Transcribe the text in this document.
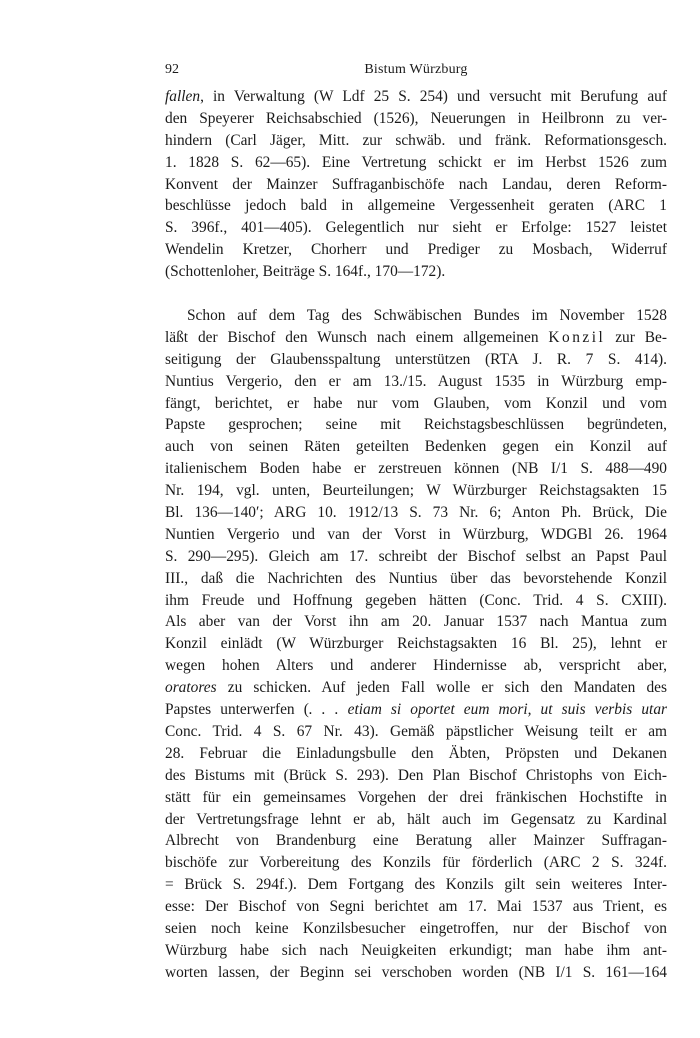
92	Bistum Würzburg
fallen, in Verwaltung (W Ldf 25 S. 254) und versucht mit Berufung auf
den Speyerer Reichsabschied (1526), Neuerungen in Heilbronn zu ver-
hindern (Carl Jäger, Mitt. zur schwäb. und fränk. Reformationsgesch.
1. 1828 S. 62—65). Eine Vertretung schickt er im Herbst 1526 zum
Konvent der Mainzer Suffraganbischöfe nach Landau, deren Reform-
beschlüsse jedoch bald in allgemeine Vergessenheit geraten (ARC 1
S. 396f., 401—405). Gelegentlich nur sieht er Erfolge: 1527 leistet
Wendelin Kretzer, Chorherr und Prediger zu Mosbach, Widerruf
(Schottenloher, Beiträge S. 164f., 170—172).
Schon auf dem Tag des Schwäbischen Bundes im November 1528
läßt der Bischof den Wunsch nach einem allgemeinen Konzil zur Be-
seitigung der Glaubensspaltung unterstützen (RTA J. R. 7 S. 414).
Nuntius Vergerio, den er am 13./15. August 1535 in Würzburg emp-
fängt, berichtet, er habe nur vom Glauben, vom Konzil und vom
Papste gesprochen; seine mit Reichstagsbeschlüssen begründeten,
auch von seinen Räten geteilten Bedenken gegen ein Konzil auf
italienischem Boden habe er zerstreuen können (NB I/1 S. 488—490
Nr. 194, vgl. unten, Beurteilungen; W Würzburger Reichstagsakten 15
Bl. 136—140′; ARG 10. 1912/13 S. 73 Nr. 6; Anton Ph. Brück, Die
Nuntien Vergerio und van der Vorst in Würzburg, WDGBl 26. 1964
S. 290—295). Gleich am 17. schreibt der Bischof selbst an Papst Paul
III., daß die Nachrichten des Nuntius über das bevorstehende Konzil
ihm Freude und Hoffnung gegeben hätten (Conc. Trid. 4 S. CXIII).
Als aber van der Vorst ihn am 20. Januar 1537 nach Mantua zum
Konzil einlädt (W Würzburger Reichstagsakten 16 Bl. 25), lehnt er
wegen hohen Alters und anderer Hindernisse ab, verspricht aber,
oratores zu schicken. Auf jeden Fall wolle er sich den Mandaten des
Papstes unterwerfen (. . . etiam si oportet eum mori, ut suis verbis utar
Conc. Trid. 4 S. 67 Nr. 43). Gemäß päpstlicher Weisung teilt er am
28. Februar die Einladungsbulle den Äbten, Pröpsten und Dekanen
des Bistums mit (Brück S. 293). Den Plan Bischof Christophs von Eich-
stätt für ein gemeinsames Vorgehen der drei fränkischen Hochstifte in
der Vertretungsfrage lehnt er ab, hält auch im Gegensatz zu Kardinal
Albrecht von Brandenburg eine Beratung aller Mainzer Suffragan-
bischöfe zur Vorbereitung des Konzils für förderlich (ARC 2 S. 324f.
= Brück S. 294f.). Dem Fortgang des Konzils gilt sein weiteres Inter-
esse: Der Bischof von Segni berichtet am 17. Mai 1537 aus Trient, es
seien noch keine Konzilsbesucher eingetroffen, nur der Bischof von
Würzburg habe sich nach Neuigkeiten erkundigt; man habe ihm ant-
worten lassen, der Beginn sei verschoben worden (NB I/1 S. 161—164
